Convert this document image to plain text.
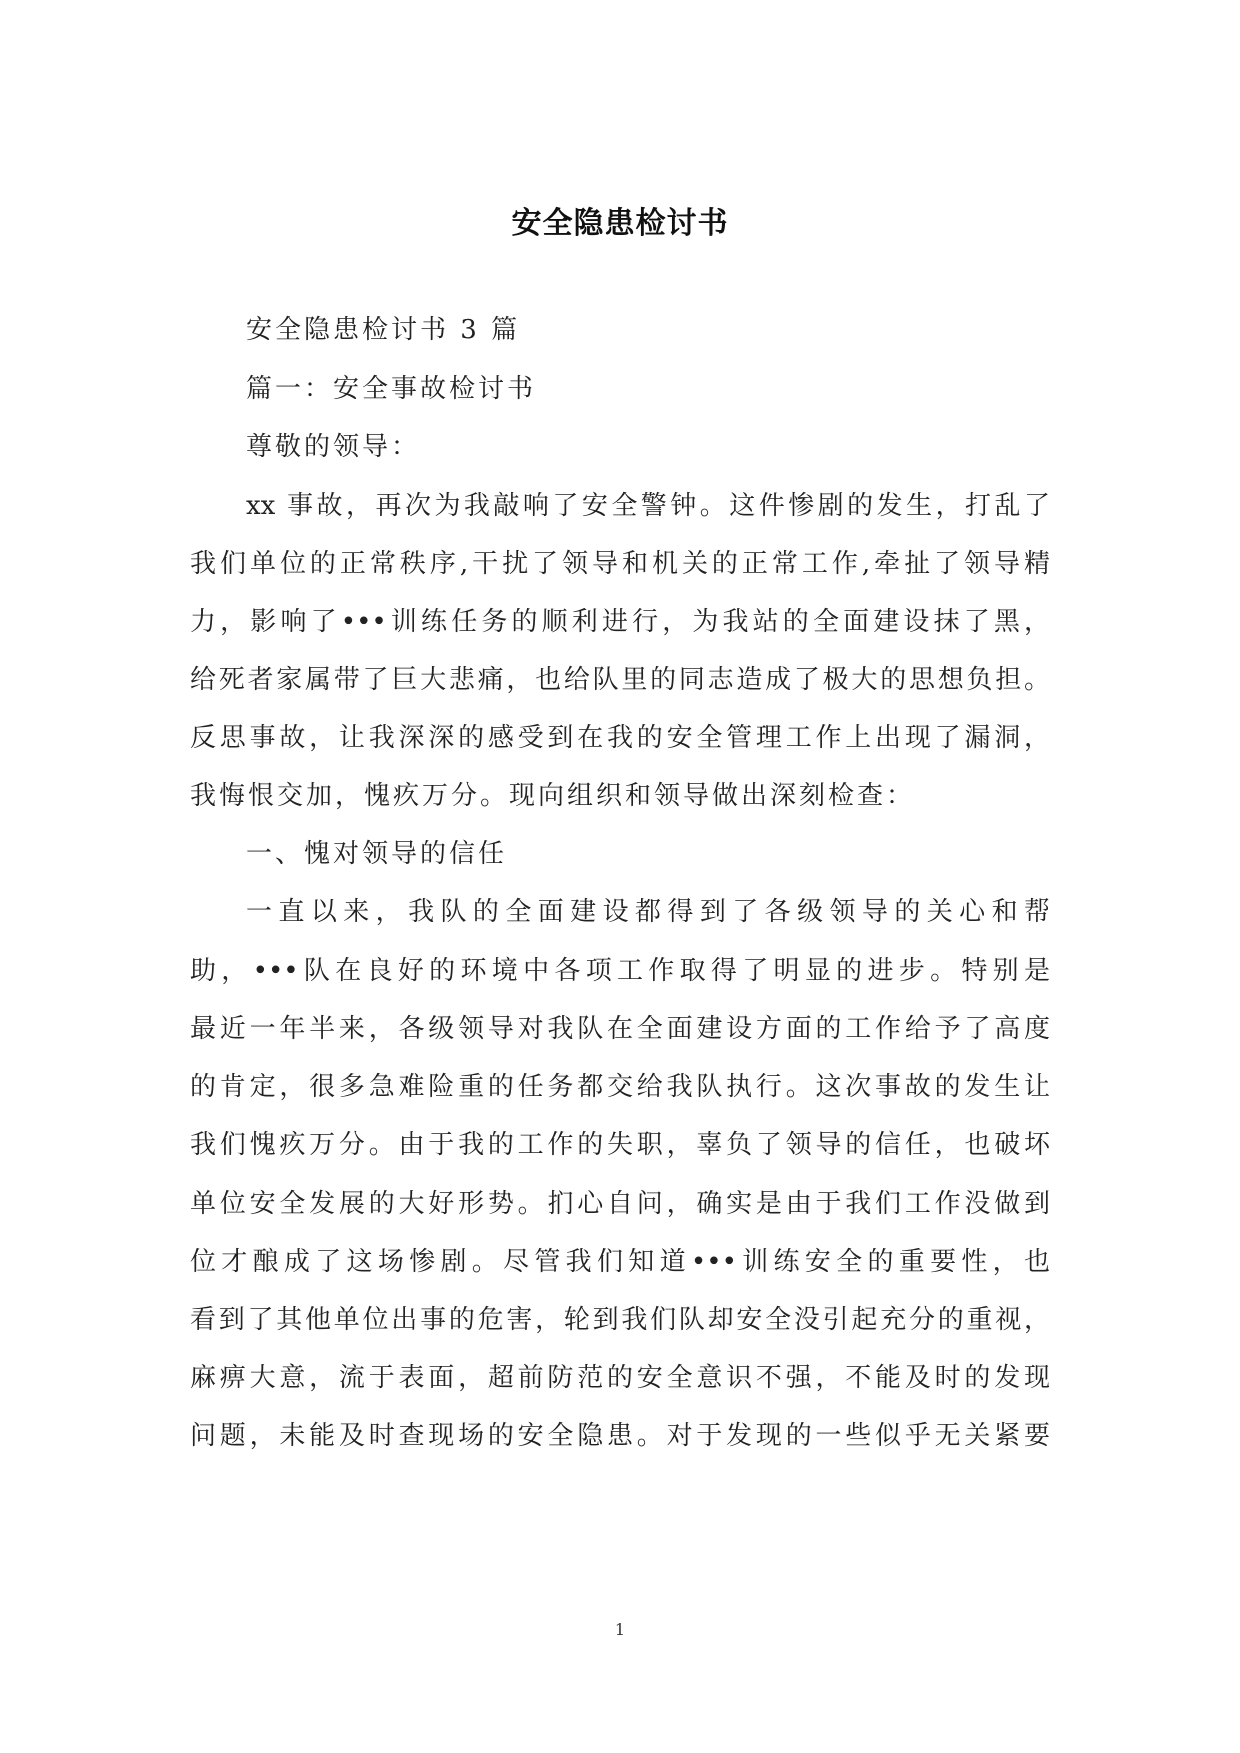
安全隐患检讨书
安全隐患检讨书 3 篇
篇一：安全事故检讨书
尊敬的领导：
xx 事故，再次为我敲响了安全警钟。这件惨剧的发生，打乱了
我们单位的正常秩序,干扰了领导和机关的正常工作,牵扯了领导精
力，影响了•••训练任务的顺利进行，为我站的全面建设抹了黑，
给死者家属带了巨大悲痛，也给队里的同志造成了极大的思想负担。
反思事故，让我深深的感受到在我的安全管理工作上出现了漏洞，
我悔恨交加，愧疚万分。现向组织和领导做出深刻检查：
一、愧对领导的信任
一直以来，我队的全面建设都得到了各级领导的关心和帮
助，•••队在良好的环境中各项工作取得了明显的进步。特别是
最近一年半来，各级领导对我队在全面建设方面的工作给予了高度
的肯定，很多急难险重的任务都交给我队执行。这次事故的发生让
我们愧疚万分。由于我的工作的失职，辜负了领导的信任，也破坏
单位安全发展的大好形势。扪心自问，确实是由于我们工作没做到
位才酿成了这场惨剧。尽管我们知道•••训练安全的重要性，也
看到了其他单位出事的危害，轮到我们队却安全没引起充分的重视，
麻痹大意，流于表面，超前防范的安全意识不强，不能及时的发现
问题，未能及时查现场的安全隐患。对于发现的一些似乎无关紧要
1
